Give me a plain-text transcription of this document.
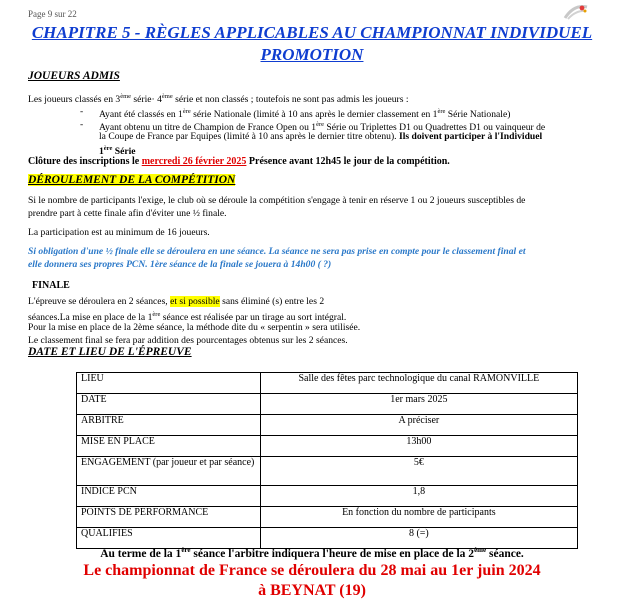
Page 9 sur 22
CHAPITRE 5 - RÈGLES APPLICABLES AU CHAMPIONNAT INDIVIDUEL
PROMOTION
JOUEURS ADMIS
Les joueurs classés en 3ème série· 4ème série et non classés ; toutefois ne sont pas admis les joueurs :
- Ayant été classés en 1ère série Nationale (limité à 10 ans après le dernier classement en 1ère Série Nationale)
- Ayant obtenu un titre de Champion de France Open ou 1ère Série ou Triplettes D1 ou Quadrettes D1 ou vainqueur de
la Coupe de France par Equipes (limité à 10 ans après le dernier titre obtenu). Ils doivent participer à l'Individuel
1ère Série
Clôture des inscriptions le mercredi 26 février 2025 Présence avant 12h45 le jour de la compétition.
DÉROULEMENT DE LA COMPÉTITION
Si le nombre de participants l'exige, le club où se déroule la compétition s'engage à tenir en réserve 1 ou 2 joueurs susceptibles de
prendre part à cette finale afin d'éviter une ½ finale.
La participation est au minimum de 16 joueurs.
Si obligation d'une ½ finale elle se déroulera en une séance. La séance ne sera pas prise en compte pour le classement final et
elle donnera ses propres PCN. 1ère séance de la finale se jouera à 14h00 ( ?)
FINALE
L'épreuve se déroulera en 2 séances, et si possible sans éliminé (s) entre les 2
séances.La mise en place de la 1ère séance est réalisée par un tirage au sort intégral.
Pour la mise en place de la 2ème séance, la méthode dite du « serpentin » sera utilisée.
Le classement final se fera par addition des pourcentages obtenus sur les 2 séances.
DATE ET LIEU DE L'ÉPREUVE
LIEU	Salle des fêtes parc technologique du canal RAMONVILLE
DATE	1er mars 2025
ARBITRE	A préciser
MISE EN PLACE	13h00
ENGAGEMENT (par joueur et par séance)	5€
INDICE PCN	1,8
POINTS DE PERFORMANCE	En fonction du nombre de participants
QUALIFIES	8 (=)
Au terme de la 1ère séance l'arbitre indiquera l'heure de mise en place de la 2ème séance.
Le championnat de France se déroulera du 28 mai au 1er juin 2024
à BEYNAT (19)
